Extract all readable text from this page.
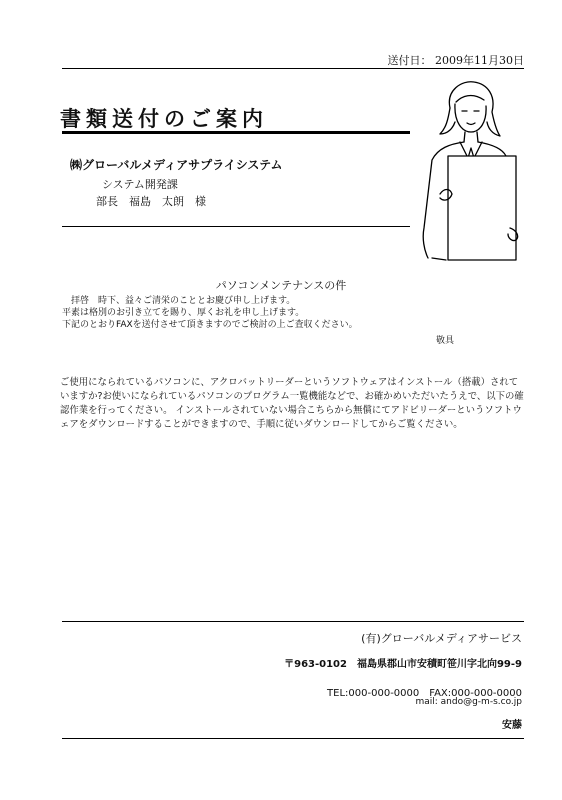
送付日： 2009年11月30日
書類送付のご案内
㈱グローバルメディアサプライシステム
システム開発課
部長　福島　太朗　様
パソコンメンテナンスの件
　拝啓　時下、益々ご清栄のこととお慶び申し上げます。
平素は格別のお引き立てを賜り、厚くお礼を申し上げます。
下記のとおりFAXを送付させて頂きますのでご検討の上ご査収ください。
敬具
ご使用になられているパソコンに、アクロバットリーダーというソフトウェアはインストール（搭載）されていますか?お使いになられているパソコンのプログラム一覧機能などで、お確かめいただいたうえで、以下の確認作業を行ってください。 インストールされていない場合こちらから無償にてアドビリーダーというソフトウェアをダウンロードすることができますので、手順に従いダウンロードしてからご覧ください。
(有)グローバルメディアサービス
〒963-0102　福島県郡山市安積町笹川字北向99-9
TEL:000-000-0000　FAX:000-000-0000
mail: ando@g-m-s.co.jp
安藤
